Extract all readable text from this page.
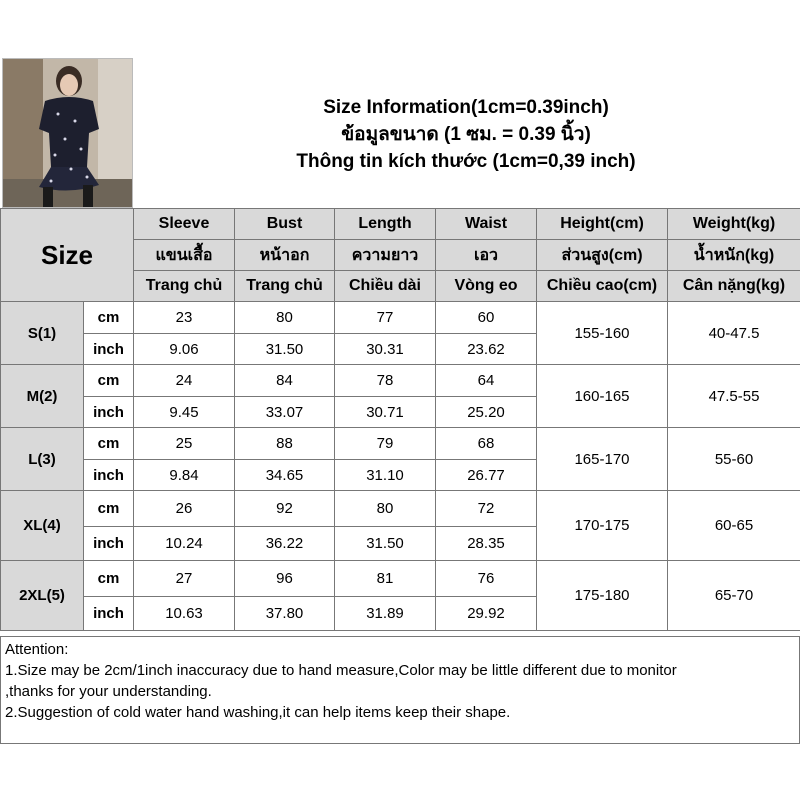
Size Information(1cm=0.39inch)
ข้อมูลขนาด (1 ซม. = 0.39 นิ้ว)
Thông tin kích thước (1cm=0,39 inch)
Size		Sleeve	Bust	Length	Waist	Height(cm)	Weight(kg)
		แขนเสื้อ	หน้าอก	ความยาว	เอว	ส่วนสูง(cm)	น้ำหนัก(kg)
		Trang chủ	Trang chủ	Chiều dài	Vòng eo	Chiều cao(cm)	Cân nặng(kg)
S(1)	cm	23	80	77	60	155-160	40-47.5
	inch	9.06	31.50	30.31	23.62		
M(2)	cm	24	84	78	64	160-165	47.5-55
	inch	9.45	33.07	30.71	25.20		
L(3)	cm	25	88	79	68	165-170	55-60
	inch	9.84	34.65	31.10	26.77		
XL(4)	cm	26	92	80	72	170-175	60-65
	inch	10.24	36.22	31.50	28.35		
2XL(5)	cm	27	96	81	76	175-180	65-70
	inch	10.63	37.80	31.89	29.92		
Attention:
1.Size may be 2cm/1inch inaccuracy due to hand measure,Color may be little different due to monitor
,thanks for your understanding.
2.Suggestion of cold water hand washing,it can help items keep their shape.
